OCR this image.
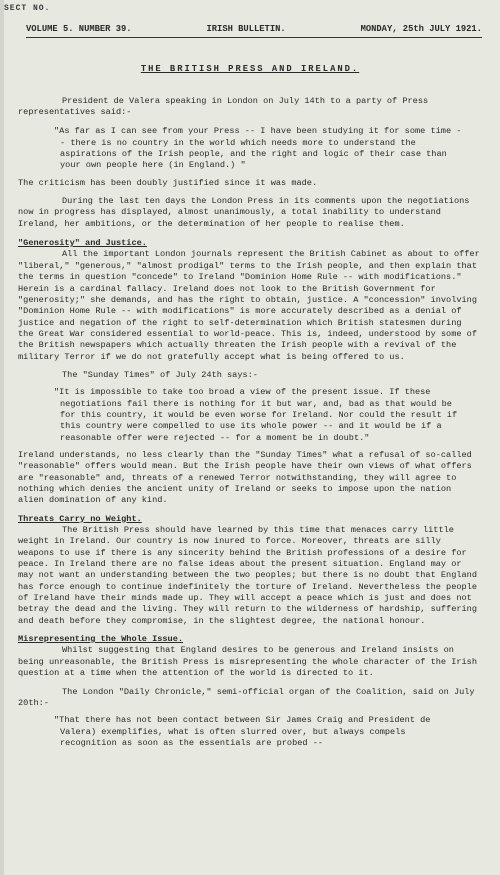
SECT NO.
VOLUME 5. NUMBER 39.	IRISH BULLETIN.	MONDAY, 25th JULY 1921.
THE BRITISH PRESS AND IRELAND.

President de Valera speaking in London on July 14th to a party of Press representatives said:-

"As far as I can see from your Press -- I have been studying it for some time -- there is no country in the world which needs more to understand the aspirations of the Irish people, and the right and logic of their case than your own people here (in England.) "

The criticism has been doubly justified since it was made.

During the last ten days the London Press in its comments upon the negotiations now in progress has displayed, almost unanimously, a total inability to understand Ireland, her ambitions, or the determination of her people to realise them.

"Generosity" and Justice.

All the important London journals represent the British Cabinet as about to offer "liberal," "generous," "almost prodigal" terms to the Irish people, and then explain that the terms in question "concede" to Ireland "Dominion Home Rule -- with modifications." Herein is a cardinal fallacy. Ireland does not look to the British Government for "generosity;" she demands, and has the right to obtain, justice. A "concession" involving "Dominion Home Rule -- with modifications" is more accurately described as a denial of justice and negation of the right to self-determination which British statesmen during the Great War considered essential to world-peace. This is, indeed, understood by some of the British newspapers which actually threaten the Irish people with a revival of the military Terror if we do not gratefully accept what is being offered to us.

The "Sunday Times" of July 24th says:-

"It is impossible to take too broad a view of the present issue. If these negotiations fail there is nothing for it but war, and, bad as that would be for this country, it would be even worse for Ireland. Nor could the result if this country were compelled to use its whole power -- and it would be if a reasonable offer were rejected -- for a moment be in doubt."

Ireland understands, no less clearly than the "Sunday Times" what a refusal of so-called "reasonable" offers would mean. But the Irish people have their own views of what offers are "reasonable" and, threats of a renewed Terror notwithstanding, they will agree to nothing which denies the ancient unity of Ireland or seeks to impose upon the nation alien domination of any kind.

Threats Carry no Weight.

The British Press should have learned by this time that menaces carry little weight in Ireland. Our country is now inured to force. Moreover, threats are silly weapons to use if there is any sincerity behind the British professions of a desire for peace. In Ireland there are no false ideas about the present situation. England may or may not want an understanding between the two peoples; but there is no doubt that England has force enough to continue indefinitely the torture of Ireland. Nevertheless the people of Ireland have their minds made up. They will accept a peace which is just and does not betray the dead and the living. They will return to the wilderness of hardship, suffering and death before they compromise, in the slightest degree, the national honour.

Misrepresenting the Whole Issue.

Whilst suggesting that England desires to be generous and Ireland insists on being unreasonable, the British Press is misrepresenting the whole character of the Irish question at a time when the attention of the world is directed to it.

The London "Daily Chronicle," semi-official organ of the Coalition, said on July 20th:-

"That there has not been contact between Sir James Craig and President de Valera) exemplifies, what is often slurred over, but always compels recognition as soon as the essentials are probed --
